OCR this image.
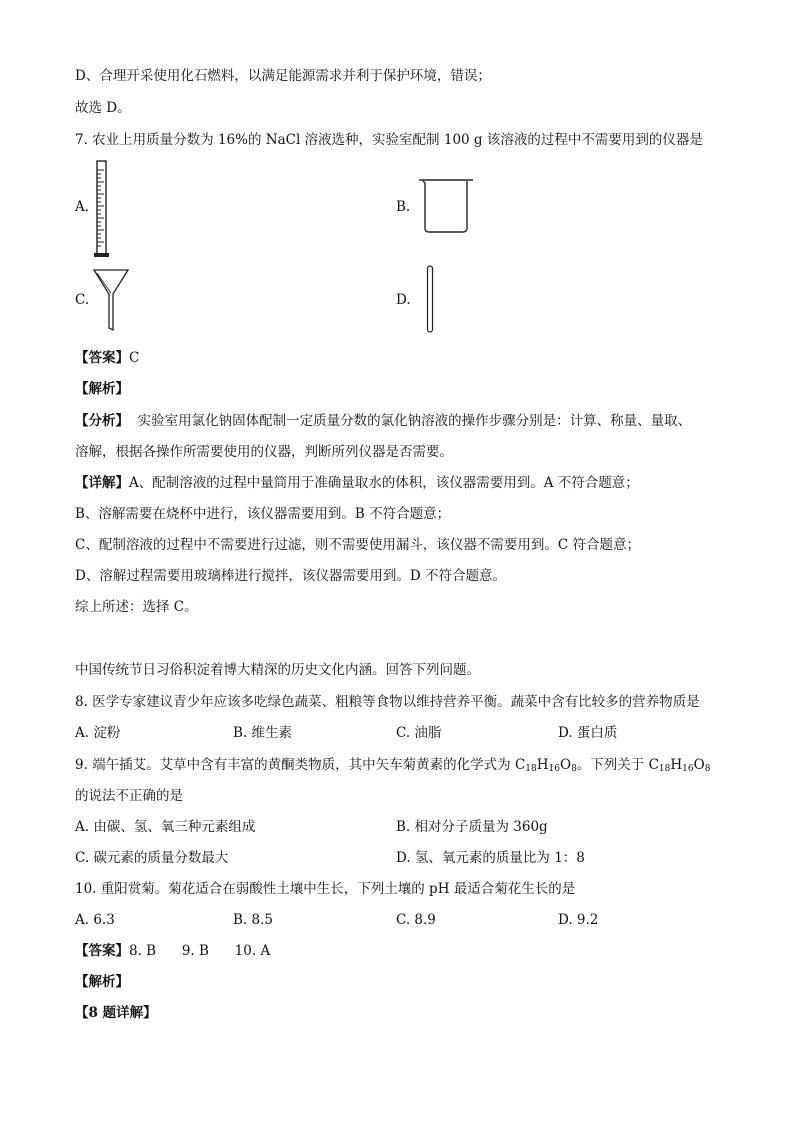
D、合理开采使用化石燃料，以满足能源需求并利于保护环境，错误；
故选 D。
7. 农业上用质量分数为 16%的 NaCl 溶液选种，实验室配制 100 g 该溶液的过程中不需要用到的仪器是
A.	B.
C.	D.
【答案】C
【解析】
【分析】 实验室用氯化钠固体配制一定质量分数的氯化钠溶液的操作步骤分别是：计算、称量、量取、
溶解，根据各操作所需要使用的仪器，判断所列仪器是否需要。
【详解】A、配制溶液的过程中量筒用于准确量取水的体积，该仪器需要用到。A 不符合题意；
B、溶解需要在烧杯中进行，该仪器需要用到。B 不符合题意；
C、配制溶液的过程中不需要进行过滤，则不需要使用漏斗，该仪器不需要用到。C 符合题意；
D、溶解过程需要用玻璃棒进行搅拌，该仪器需要用到。D 不符合题意。
综上所述：选择 C。
中国传统节日习俗积淀着博大精深的历史文化内涵。回答下列问题。
8. 医学专家建议青少年应该多吃绿色蔬菜、粗粮等食物以维持营养平衡。蔬菜中含有比较多的营养物质是
A. 淀粉	B. 维生素	C. 油脂	D. 蛋白质
9. 端午插艾。艾草中含有丰富的黄酮类物质，其中矢车菊黄素的化学式为 $C_{18}H_{16}O_8$。下列关于 $C_{18}H_{16}O_8$
的说法不正确的是
A. 由碳、氢、氧三种元素组成	B. 相对分子质量为 360g
C. 碳元素的质量分数最大	D. 氢、氧元素的质量比为 1：8
10. 重阳赏菊。菊花适合在弱酸性土壤中生长，下列土壤的 pH 最适合菊花生长的是
A. 6.3	B. 8.5	C. 8.9	D. 9.2
【答案】8. B      9. B      10. A
【解析】
【8 题详解】
